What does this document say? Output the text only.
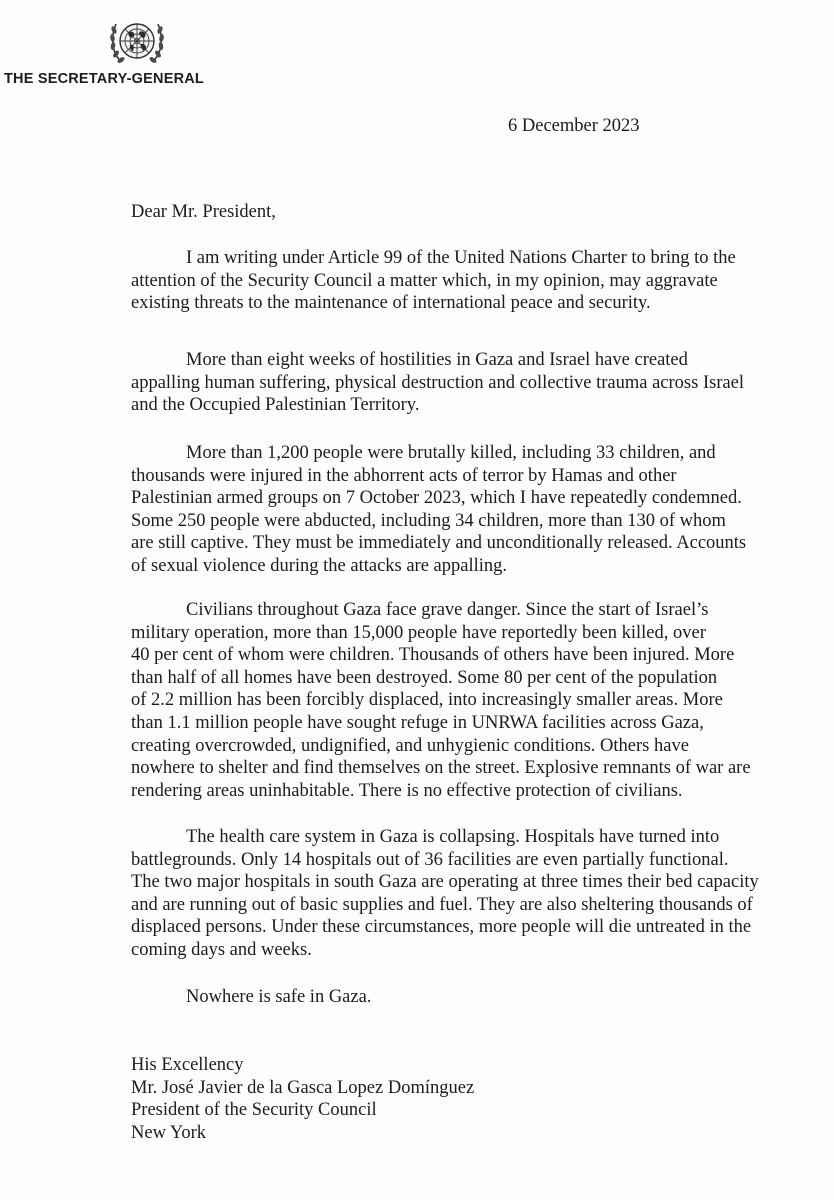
THE SECRETARY-GENERAL
6 December 2023
Dear Mr. President,
I am writing under Article 99 of the United Nations Charter to bring to the
attention of the Security Council a matter which, in my opinion, may aggravate
existing threats to the maintenance of international peace and security.
More than eight weeks of hostilities in Gaza and Israel have created
appalling human suffering, physical destruction and collective trauma across Israel
and the Occupied Palestinian Territory.
More than 1,200 people were brutally killed, including 33 children, and
thousands were injured in the abhorrent acts of terror by Hamas and other
Palestinian armed groups on 7 October 2023, which I have repeatedly condemned.
Some 250 people were abducted, including 34 children, more than 130 of whom
are still captive. They must be immediately and unconditionally released. Accounts
of sexual violence during the attacks are appalling.
Civilians throughout Gaza face grave danger. Since the start of Israel’s
military operation, more than 15,000 people have reportedly been killed, over
40 per cent of whom were children. Thousands of others have been injured. More
than half of all homes have been destroyed. Some 80 per cent of the population
of 2.2 million has been forcibly displaced, into increasingly smaller areas. More
than 1.1 million people have sought refuge in UNRWA facilities across Gaza,
creating overcrowded, undignified, and unhygienic conditions. Others have
nowhere to shelter and find themselves on the street. Explosive remnants of war are
rendering areas uninhabitable. There is no effective protection of civilians.
The health care system in Gaza is collapsing. Hospitals have turned into
battlegrounds. Only 14 hospitals out of 36 facilities are even partially functional.
The two major hospitals in south Gaza are operating at three times their bed capacity
and are running out of basic supplies and fuel. They are also sheltering thousands of
displaced persons. Under these circumstances, more people will die untreated in the
coming days and weeks.
Nowhere is safe in Gaza.
His Excellency
Mr. José Javier de la Gasca Lopez Domínguez
President of the Security Council
New York
